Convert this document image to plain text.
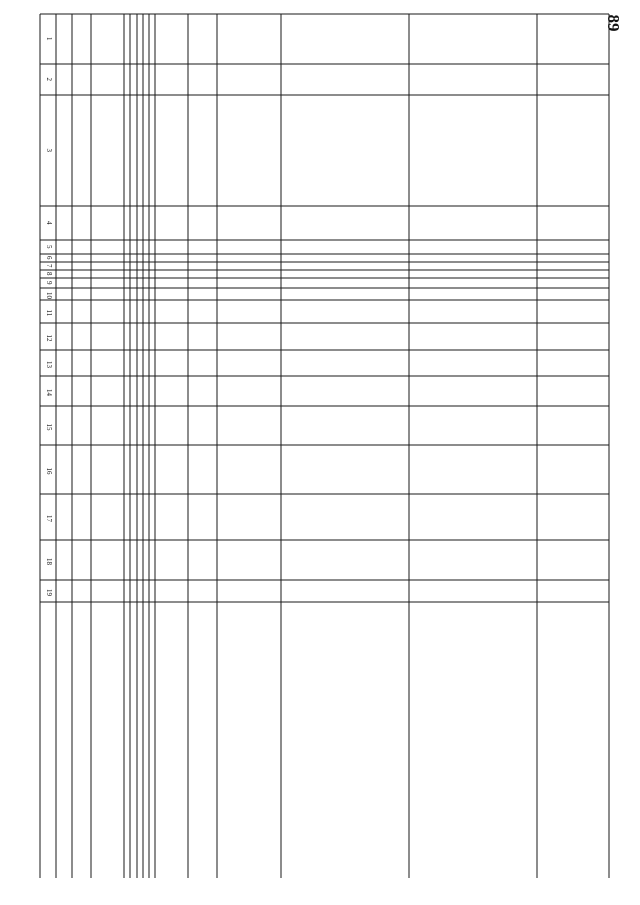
89
1
2
3
4
5
6
7
8
9
10
11
12
13
14
15
16
17
18
19
